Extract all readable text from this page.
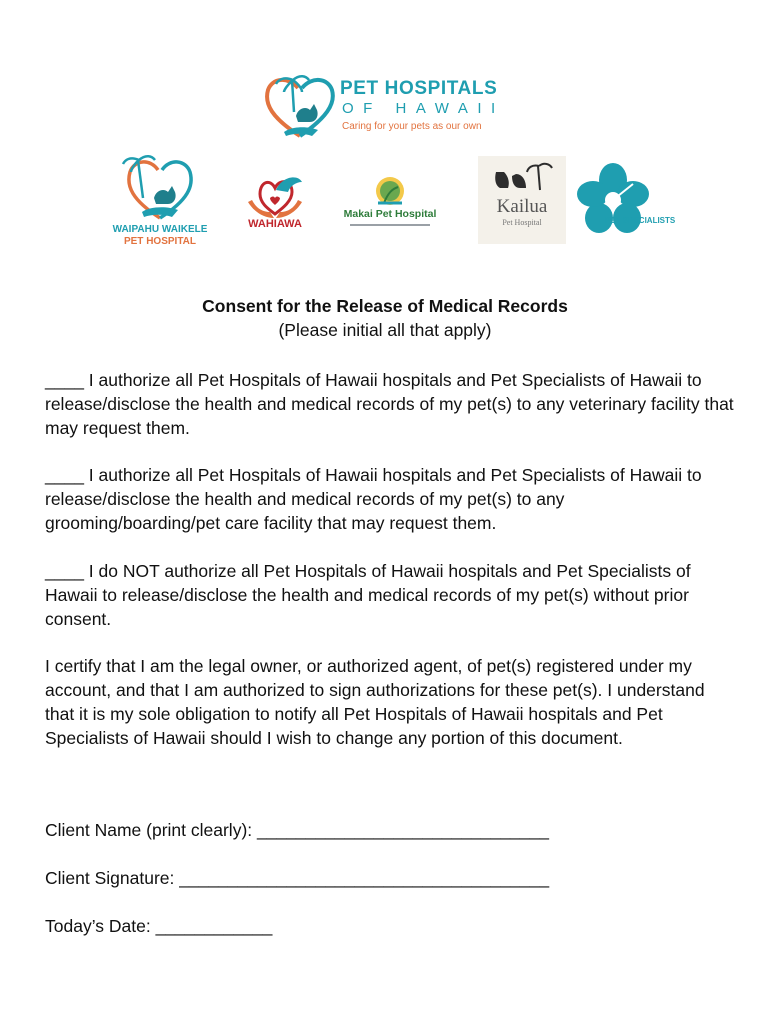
PET HOSPITALS
OF HAWAII
Caring for your pets as our own
WAIPAHU WAIKELE
PET HOSPITAL
WAHIAWA
Makai Pet Hospital	Kailua
Pet Hospital	PET SPECIALISTS
Consent for the Release of Medical Records
(Please initial all that apply)
____ I authorize all Pet Hospitals of Hawaii hospitals and Pet Specialists of Hawaii to release/disclose the health and medical records of my pet(s) to any veterinary facility that may request them.
____ I authorize all Pet Hospitals of Hawaii hospitals and Pet Specialists of Hawaii to release/disclose the health and medical records of my pet(s) to any grooming/boarding/pet care facility that may request them.
____ I do NOT authorize all Pet Hospitals of Hawaii hospitals and Pet Specialists of Hawaii to release/disclose the health and medical records of my pet(s) without prior consent.
I certify that I am the legal owner, or authorized agent, of pet(s) registered under my account, and that I am authorized to sign authorizations for these pet(s). I understand that it is my sole obligation to notify all Pet Hospitals of Hawaii hospitals and Pet Specialists of Hawaii should I wish to change any portion of this document.
Client Name (print clearly): ______________________________
Client Signature: ______________________________________
Today’s Date: ____________
